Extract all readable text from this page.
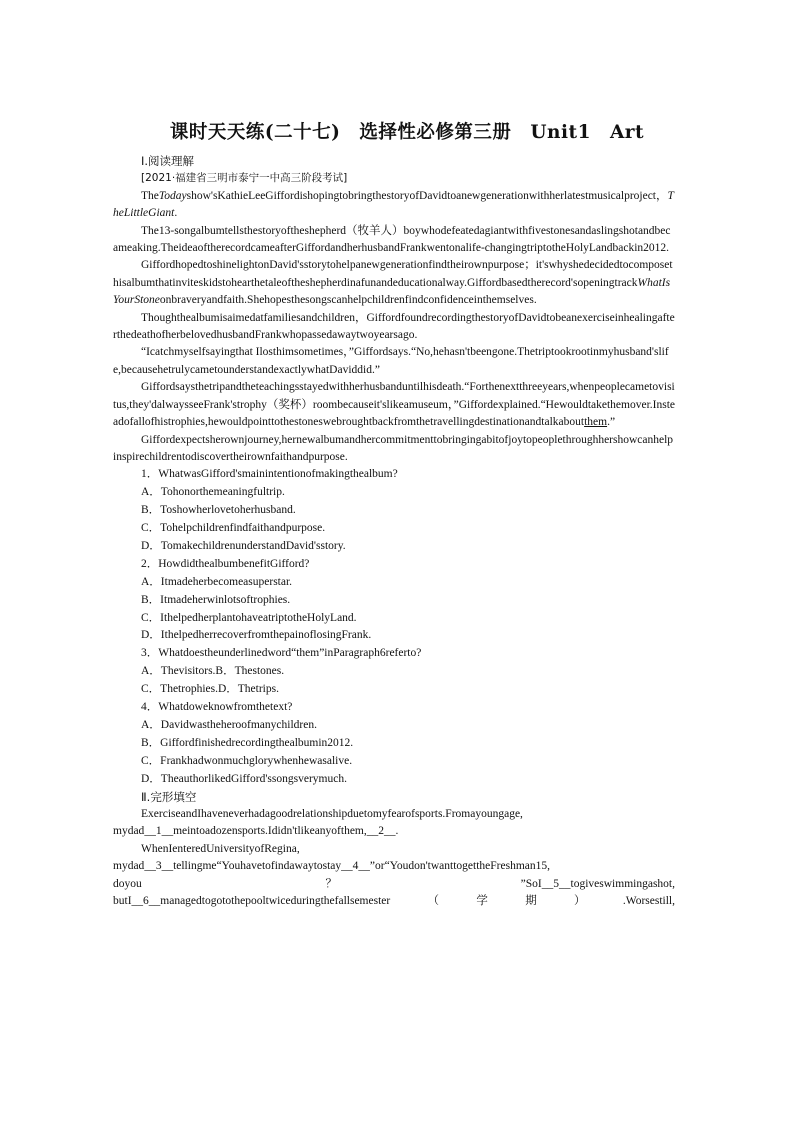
课时天天练(二十七)　选择性必修第三册　Unit1　Art
Ⅰ.阅读理解
[2021·福建省三明市泰宁一中高三阶段考试]

TheTodayshow'sKathieLeeGiffordishopingtobringthestoryofDavidtoanewgenerationwithherlatestmusicalproject，TheLittleGiant.

The13-songalbumtellsthestoryoftheshepherd（牧羊人）boywhodefeatedagiantwithfivestonesandaslingshotandbecameaking.TheideaoftherecordcameafterGiffordandherhusbandFrankwentonalife-changingtriptotheHolyLandbackin2012.

GiffordhopedtoshinelightonDavid'sstorytohelpanewgenerationfindtheirownpurpose；it'swhyshedecidedtocomposethisalbumthatinviteskidstohearthetaleoftheshepherdinafunandeducationalway.Giffordbasedtherecord'sopeningtrackWhatIsYourStoneonbraveryandfaith.Shehopesthesongscanhelpchildrenfindconfidenceinthemselves.

Thoughthealbumisaimedatfamiliesandchildren，GiffordfoundrecordingthestoryofDavidtobeanexerciseinhealingafterthedeathofherbelovedhusbandFrankwhopassedawaytwoyearsago.

“Icatchmyselfsayingthat Ilosthimsometimes，”Giffordsays.“No,hehasn'tbeengone.Thetriptookrootinmyhusband'slife,becausehetrulycametounderstandexactlywhatDaviddid.”

Giffordsaysthetripandtheteachingsstayedwithherhusbanduntilhisdeath.“Forthenextthreeyears,whenpeoplecametovisitus,they'dalwaysseeFrank'strophy（奖杯）roombecauseit'slikeamuseum，”Giffordexplained.“Hewouldtakethemover.Insteadofallofhistrophies,hewouldpointtothestoneswebroughtbackfromthetravellingdestinationandtalkaboutthem.”

Giffordexpectsherownjourney,hernewalbumandhercommitmenttobringingabitofjoytopeoplethroughhershowcanhelpinspirechildrentodiscovertheirownfaithandpurpose.

1．WhatwasGifford'smainintentionofmakingthealbum?

A．Tohonorthemeaningfultrip.

B．Toshowherlovetoherhusband.

C．Tohelpchildrenfindfaithandpurpose.

D．TomakechildrenunderstandDavid'sstory.

2．HowdidthealbumbenefitGifford?

A．Itmadeherbecomeasuperstar.

B．Itmadeherwinlotsoftrophies.

C．IthelpedherplantohaveatriptotheHolyLand.

D．IthelpedherrecoverfromthepainoflosingFrank.

3．Whatdoestheunderlinedword“them”inParagraph6referto?

A．Thevisitors.B．Thestones.

C．Thetrophies.D．Thetrips.

4．Whatdoweknowfromthetext?

A．Davidwastheheroofmanychildren.

B．Giffordfinishedrecordingthealbumin2012.

C．Frankhadwonmuchglorywhenhewasalive.

D．TheauthorlikedGifford'ssongsverymuch.

Ⅱ.完形填空

ExerciseandIhaveneverhadagoodrelationshipduetomyfearofsports.Fromayoungage,

mydad__1__meintoadozensports.Ididn'tlikeanyofthem,__2__.

WhenIenteredUniversityofRegina,

mydad__3__tellingme“Youhavetofindawaytostay__4__”or“Youdon'twanttogettheFreshman15,

doyou？”SoI__5__togiveswimmingashot,

butI__6__managedtogotothepooltwiceduringthefallsemester（学期）.Worsestill,
